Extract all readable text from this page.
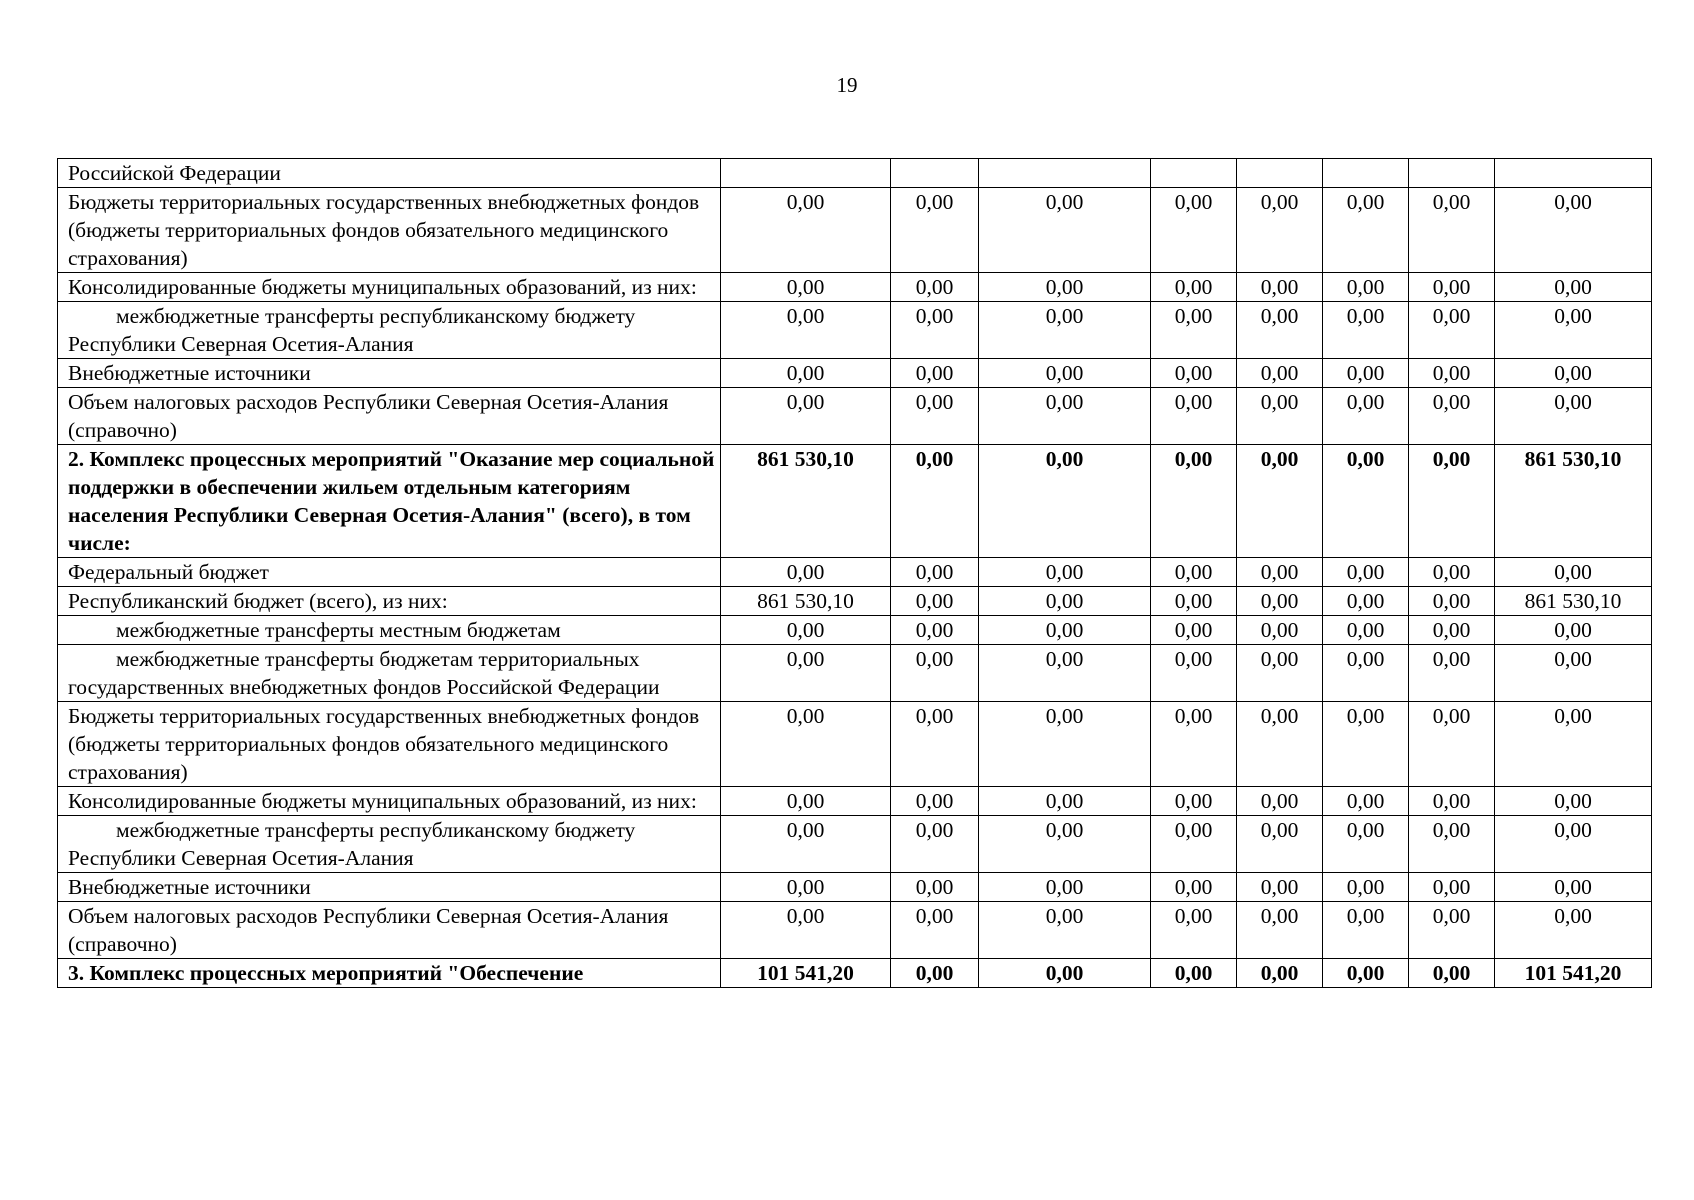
19
Российской Федерации								
Бюджеты территориальных государственных внебюджетных фондов (бюджеты территориальных фондов обязательного медицинского страхования)	0,00	0,00	0,00	0,00	0,00	0,00	0,00	0,00
Консолидированные бюджеты муниципальных образований, из них:	0,00	0,00	0,00	0,00	0,00	0,00	0,00	0,00
межбюджетные трансферты республиканскому бюджету Республики Северная Осетия-Алания	0,00	0,00	0,00	0,00	0,00	0,00	0,00	0,00
Внебюджетные источники	0,00	0,00	0,00	0,00	0,00	0,00	0,00	0,00
Объем налоговых расходов Республики Северная Осетия-Алания (справочно)	0,00	0,00	0,00	0,00	0,00	0,00	0,00	0,00
2. Комплекс процессных мероприятий "Оказание мер социальной поддержки в обеспечении жильем отдельным категориям населения Республики Северная Осетия-Алания" (всего), в том числе:	861 530,10	0,00	0,00	0,00	0,00	0,00	0,00	861 530,10
Федеральный бюджет	0,00	0,00	0,00	0,00	0,00	0,00	0,00	0,00
Республиканский бюджет (всего), из них:	861 530,10	0,00	0,00	0,00	0,00	0,00	0,00	861 530,10
межбюджетные трансферты местным бюджетам	0,00	0,00	0,00	0,00	0,00	0,00	0,00	0,00
межбюджетные трансферты бюджетам территориальных государственных внебюджетных фондов Российской Федерации	0,00	0,00	0,00	0,00	0,00	0,00	0,00	0,00
Бюджеты территориальных государственных внебюджетных фондов (бюджеты территориальных фондов обязательного медицинского страхования)	0,00	0,00	0,00	0,00	0,00	0,00	0,00	0,00
Консолидированные бюджеты муниципальных образований, из них:	0,00	0,00	0,00	0,00	0,00	0,00	0,00	0,00
межбюджетные трансферты республиканскому бюджету Республики Северная Осетия-Алания	0,00	0,00	0,00	0,00	0,00	0,00	0,00	0,00
Внебюджетные источники	0,00	0,00	0,00	0,00	0,00	0,00	0,00	0,00
Объем налоговых расходов Республики Северная Осетия-Алания (справочно)	0,00	0,00	0,00	0,00	0,00	0,00	0,00	0,00
3. Комплекс процессных мероприятий "Обеспечение	101 541,20	0,00	0,00	0,00	0,00	0,00	0,00	101 541,20
